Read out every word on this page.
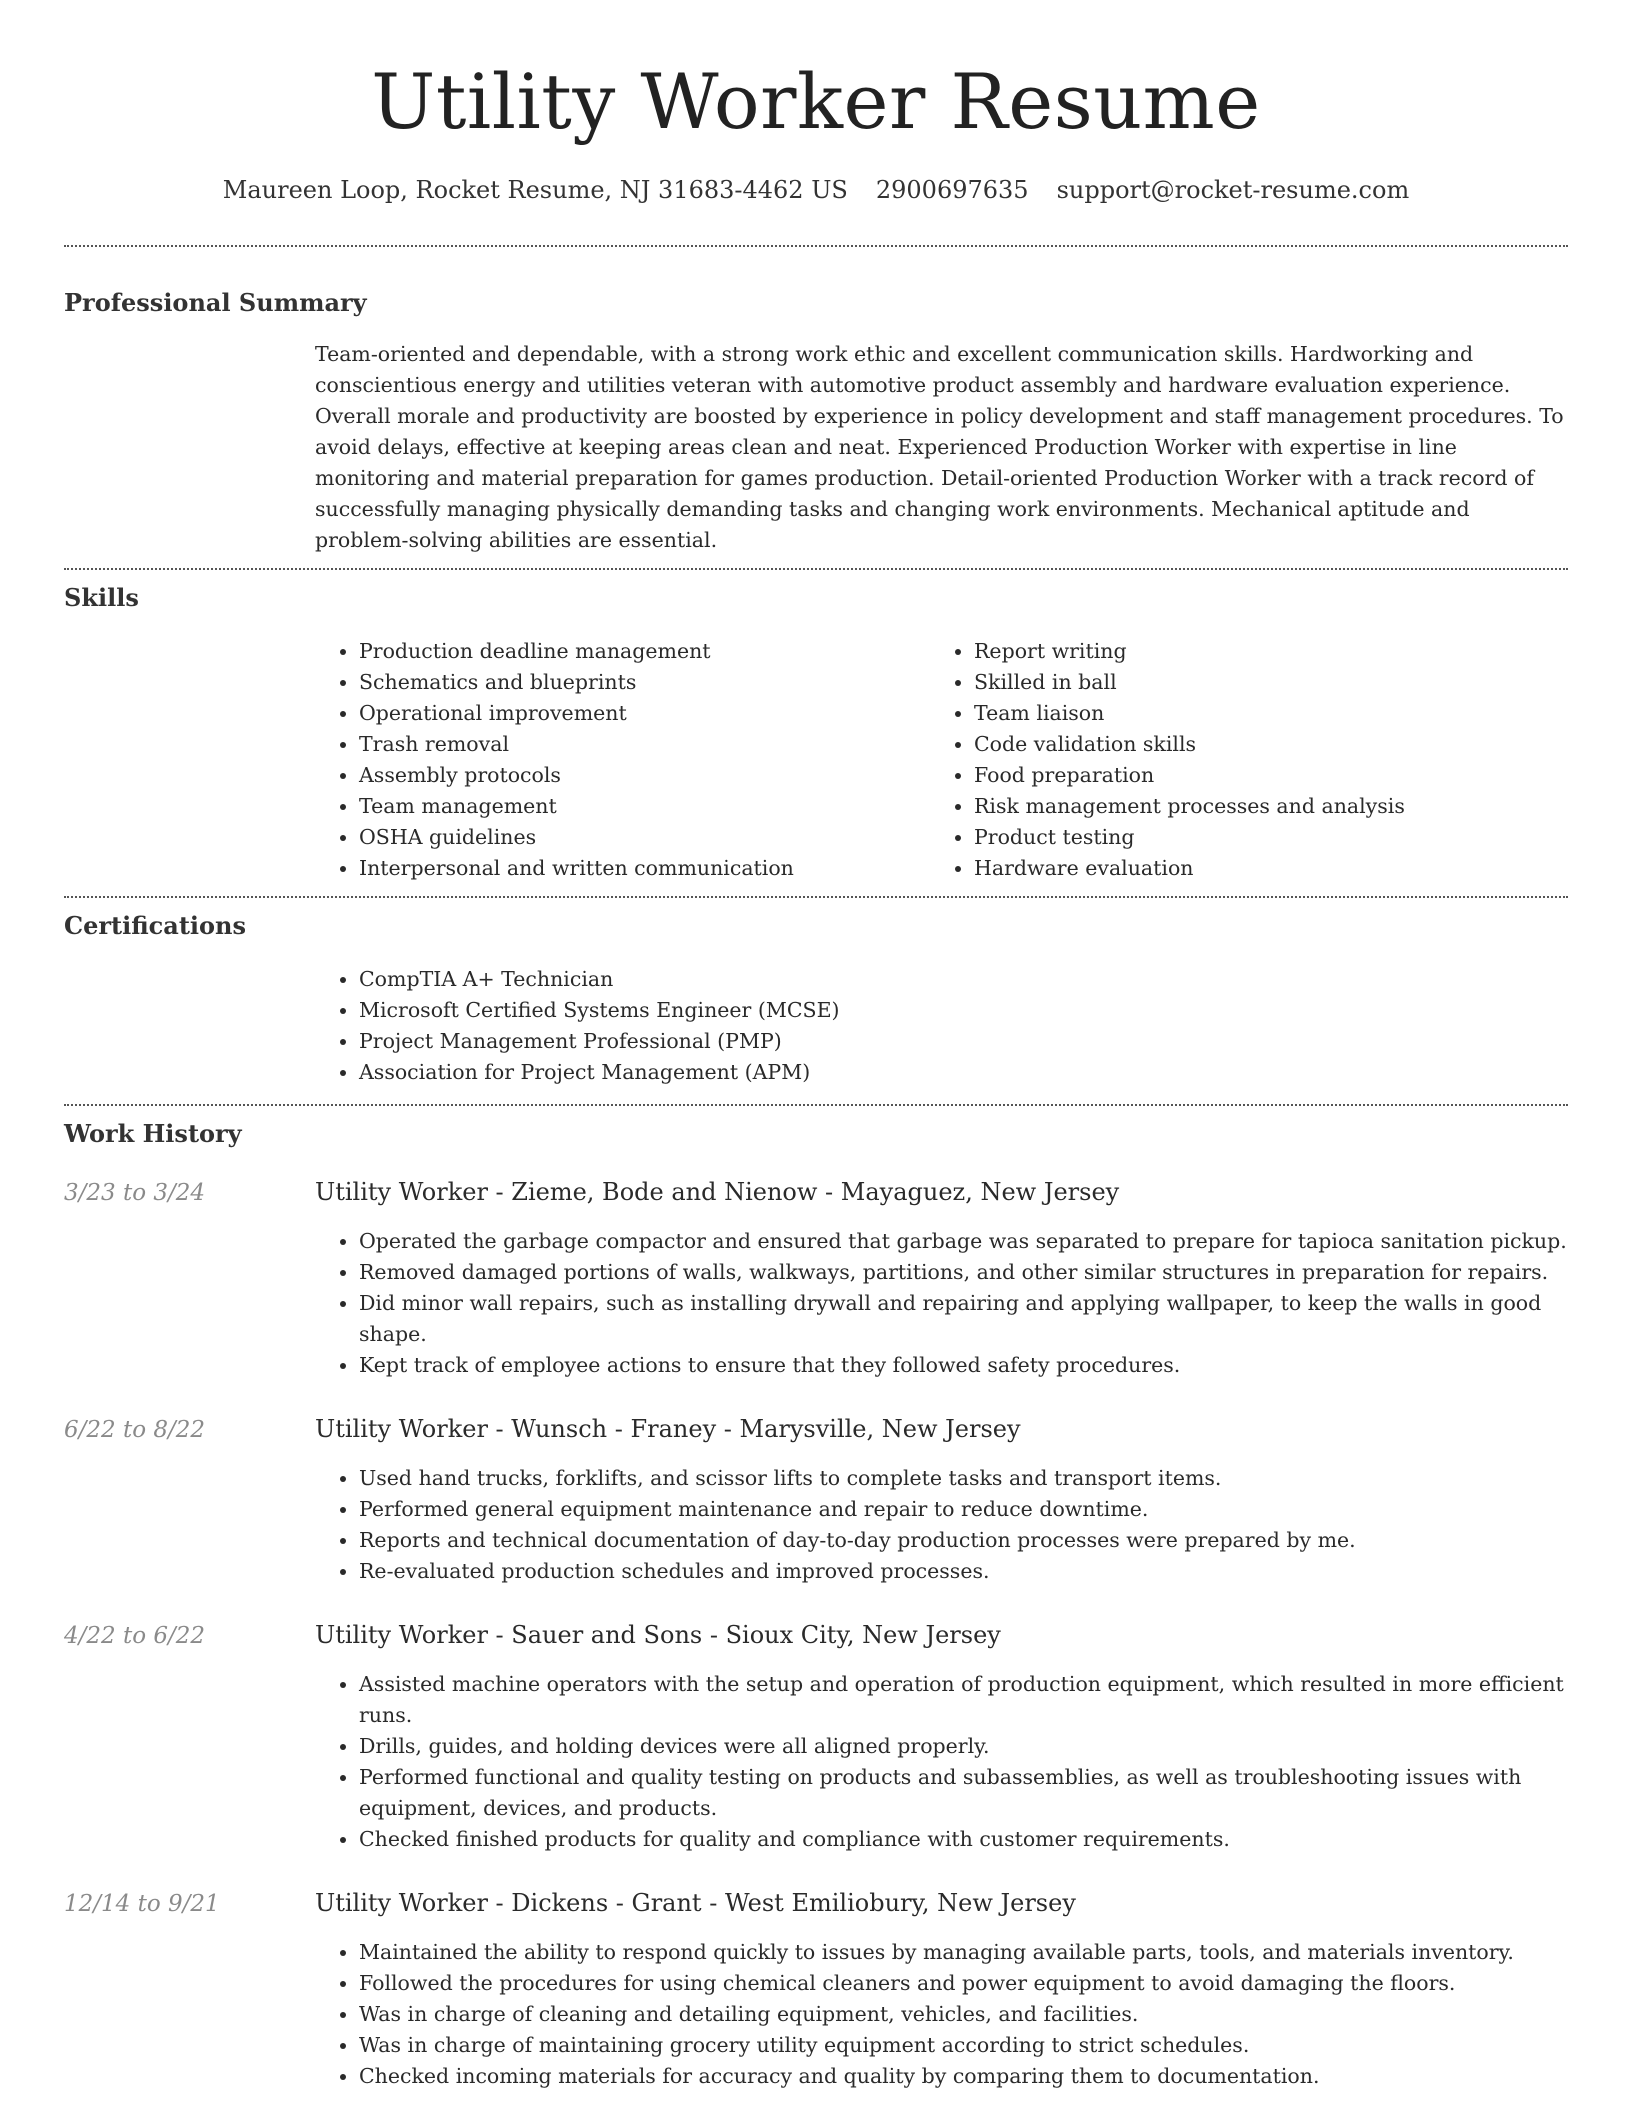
Utility Worker Resume
Maureen Loop, Rocket Resume, NJ 31683-4462 US 2900697635 support@rocket-resume.com
Professional Summary

Team-oriented and dependable, with a strong work ethic and excellent communication skills. Hardworking and conscientious energy and utilities veteran with automotive product assembly and hardware evaluation experience. Overall morale and productivity are boosted by experience in policy development and staff management procedures. To avoid delays, effective at keeping areas clean and neat. Experienced Production Worker with expertise in line monitoring and material preparation for games production. Detail-oriented Production Worker with a track record of successfully managing physically demanding tasks and changing work environments. Mechanical aptitude and problem-solving abilities are essential.

Skills
• Production deadline management
• Schematics and blueprints
• Operational improvement
• Trash removal
• Assembly protocols
• Team management
• OSHA guidelines
• Interpersonal and written communication
• Report writing
• Skilled in ball
• Team liaison
• Code validation skills
• Food preparation
• Risk management processes and analysis
• Product testing
• Hardware evaluation
Certifications
• CompTIA A+ Technician
• Microsoft Certified Systems Engineer (MCSE)
• Project Management Professional (PMP)
• Association for Project Management (APM)
Work History
3/23 to 3/24	Utility Worker - Zieme, Bode and Nienow - Mayaguez, New Jersey
• Operated the garbage compactor and ensured that garbage was separated to prepare for tapioca sanitation pickup.
• Removed damaged portions of walls, walkways, partitions, and other similar structures in preparation for repairs.
• Did minor wall repairs, such as installing drywall and repairing and applying wallpaper, to keep the walls in good shape.
• Kept track of employee actions to ensure that they followed safety procedures.
6/22 to 8/22	Utility Worker - Wunsch - Franey - Marysville, New Jersey
• Used hand trucks, forklifts, and scissor lifts to complete tasks and transport items.
• Performed general equipment maintenance and repair to reduce downtime.
• Reports and technical documentation of day-to-day production processes were prepared by me.
• Re-evaluated production schedules and improved processes.
4/22 to 6/22	Utility Worker - Sauer and Sons - Sioux City, New Jersey
• Assisted machine operators with the setup and operation of production equipment, which resulted in more efficient runs.
• Drills, guides, and holding devices were all aligned properly.
• Performed functional and quality testing on products and subassemblies, as well as troubleshooting issues with equipment, devices, and products.
• Checked finished products for quality and compliance with customer requirements.
12/14 to 9/21	Utility Worker - Dickens - Grant - West Emiliobury, New Jersey
• Maintained the ability to respond quickly to issues by managing available parts, tools, and materials inventory.
• Followed the procedures for using chemical cleaners and power equipment to avoid damaging the floors.
• Was in charge of cleaning and detailing equipment, vehicles, and facilities.
• Was in charge of maintaining grocery utility equipment according to strict schedules.
• Checked incoming materials for accuracy and quality by comparing them to documentation.
